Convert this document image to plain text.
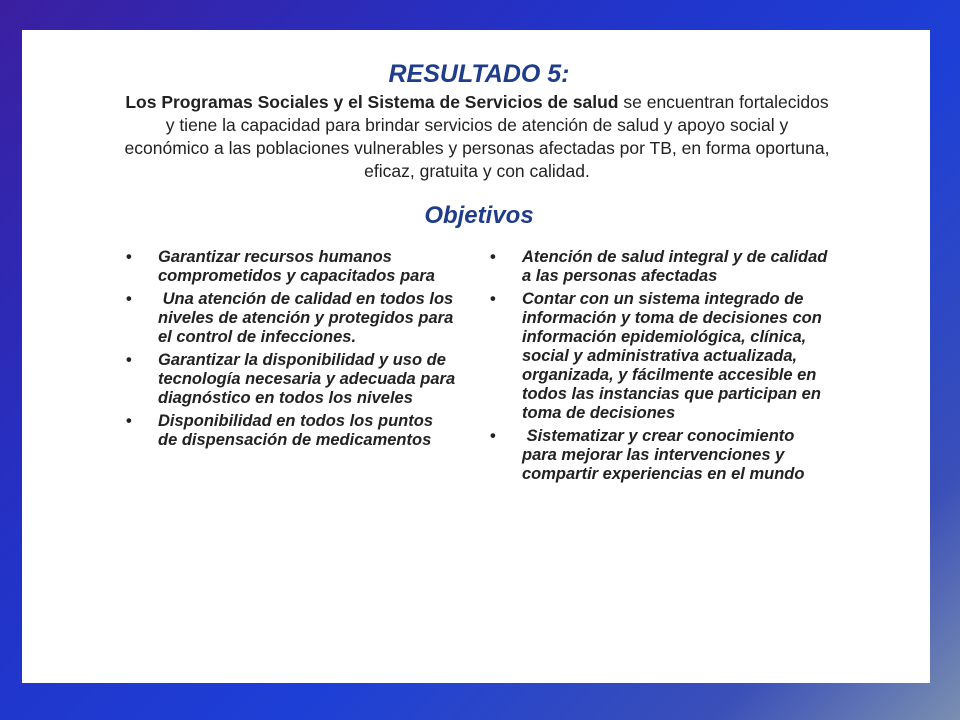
RESULTADO 5:
Los Programas Sociales y el Sistema de Servicios de salud se encuentran fortalecidos y tiene la capacidad para brindar servicios de atención de salud y apoyo social y económico a las poblaciones vulnerables y personas afectadas por TB, en forma oportuna, eficaz, gratuita y con calidad.
Objetivos
• Garantizar recursos humanos comprometidos y capacitados para
• Una atención de calidad en todos los niveles de atención y protegidos para el control de infecciones.
• Garantizar la disponibilidad y uso de tecnología necesaria y adecuada para diagnóstico en todos los niveles
• Disponibilidad en todos los puntos de dispensación de medicamentos
• Atención de salud integral y de calidad a las personas afectadas
• Contar con un sistema integrado de información y toma de decisiones con información epidemiológica, clínica, social y administrativa actualizada, organizada, y fácilmente accesible en todos las instancias que participan en toma de decisiones
• Sistematizar y crear conocimiento para mejorar las intervenciones y compartir experiencias en el mundo
